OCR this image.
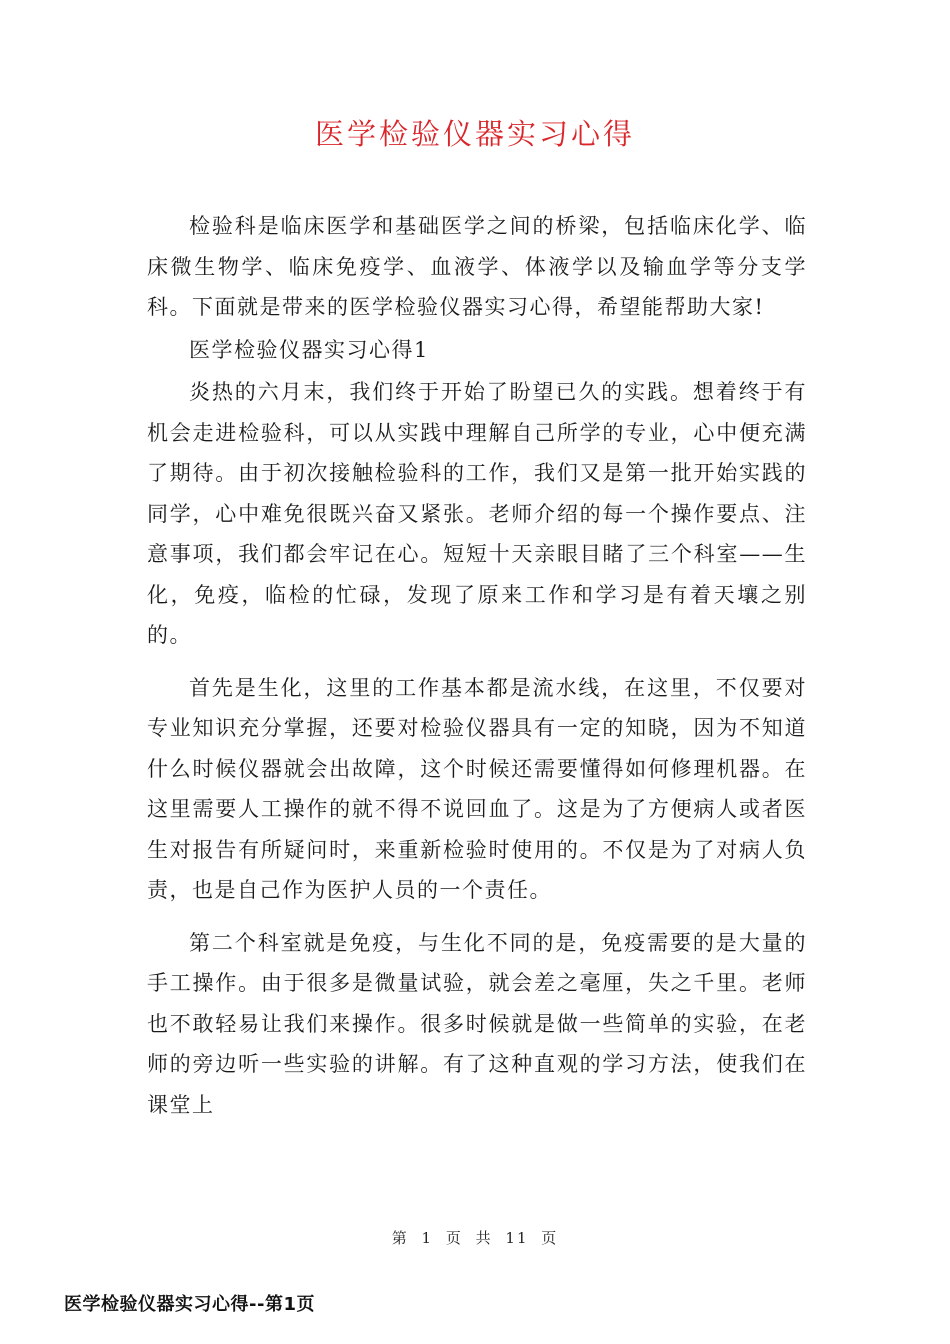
医学检验仪器实习心得

检验科是临床医学和基础医学之间的桥梁，包括临床化学、临床微生物学、临床免疫学、血液学、体液学以及输血学等分支学科。下面就是带来的医学检验仪器实习心得，希望能帮助大家!

医学检验仪器实习心得1

炎热的六月末，我们终于开始了盼望已久的实践。想着终于有机会走进检验科，可以从实践中理解自己所学的专业，心中便充满了期待。由于初次接触检验科的工作，我们又是第一批开始实践的同学，心中难免很既兴奋又紧张。老师介绍的每一个操作要点、注意事项，我们都会牢记在心。短短十天亲眼目睹了三个科室——生化，免疫，临检的忙碌，发现了原来工作和学习是有着天壤之别的。

首先是生化，这里的工作基本都是流水线，在这里，不仅要对专业知识充分掌握，还要对检验仪器具有一定的知晓，因为不知道什么时候仪器就会出故障，这个时候还需要懂得如何修理机器。在这里需要人工操作的就不得不说回血了。这是为了方便病人或者医生对报告有所疑问时，来重新检验时使用的。不仅是为了对病人负责，也是自己作为医护人员的一个责任。

第二个科室就是免疫，与生化不同的是，免疫需要的是大量的手工操作。由于很多是微量试验，就会差之毫厘，失之千里。老师也不敢轻易让我们来操作。很多时候就是做一些简单的实验，在老师的旁边听一些实验的讲解。有了这种直观的学习方法，使我们在课堂上

第 1 页 共 11 页
医学检验仪器实习心得--第1页
